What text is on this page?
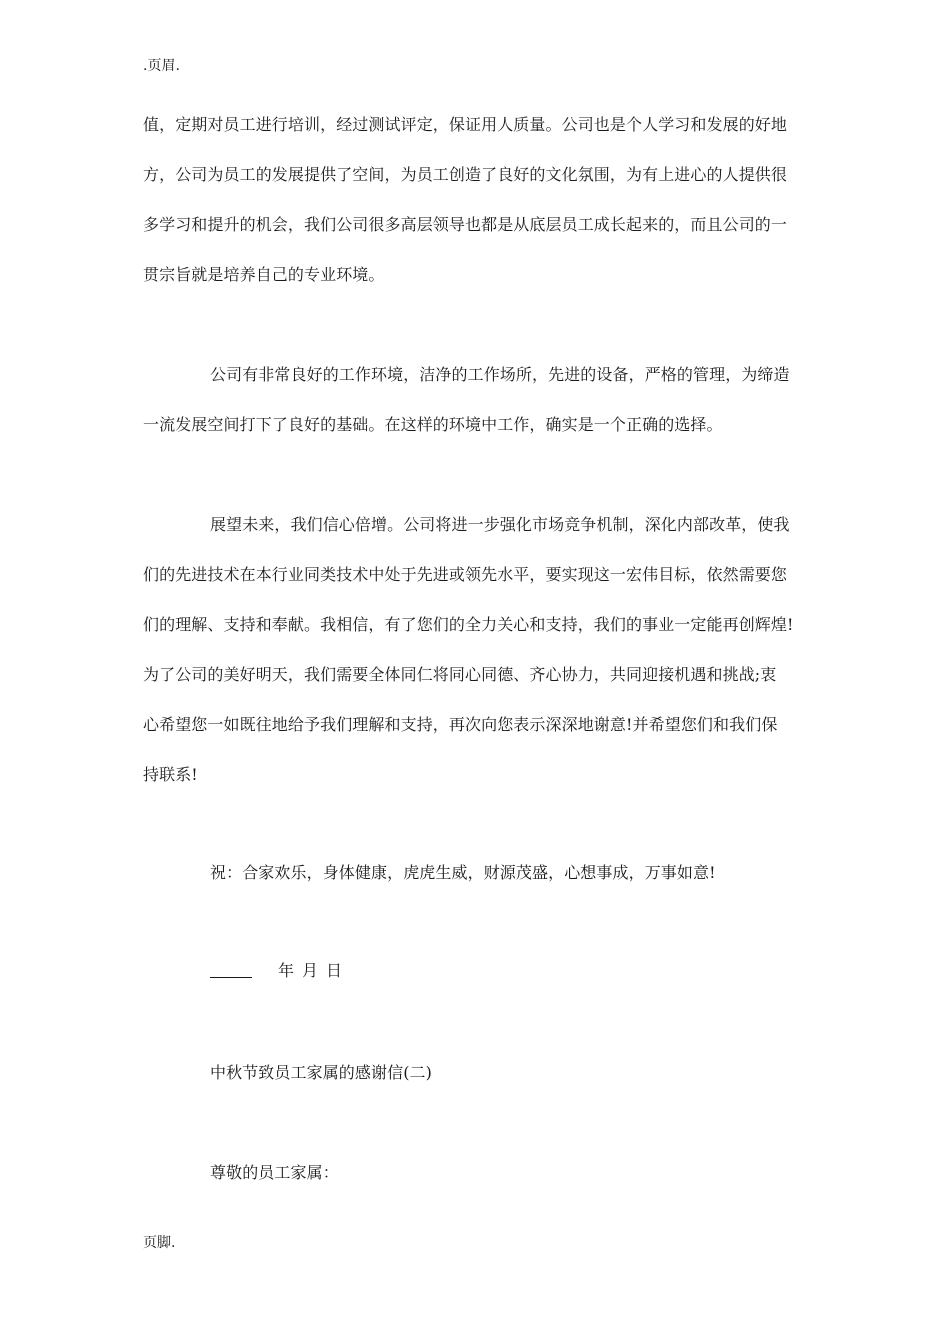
.页眉.
值，定期对员工进行培训，经过测试评定，保证用人质量。公司也是个人学习和发展的好地
方，公司为员工的发展提供了空间，为员工创造了良好的文化氛围，为有上进心的人提供很
多学习和提升的机会，我们公司很多高层领导也都是从底层员工成长起来的，而且公司的一
贯宗旨就是培养自己的专业环境。
公司有非常良好的工作环境，洁净的工作场所，先进的设备，严格的管理，为缔造
一流发展空间打下了良好的基础。在这样的环境中工作，确实是一个正确的选择。
展望未来，我们信心倍增。公司将进一步强化市场竞争机制，深化内部改革，使我
们的先进技术在本行业同类技术中处于先进或领先水平，要实现这一宏伟目标，依然需要您
们的理解、支持和奉献。我相信，有了您们的全力关心和支持，我们的事业一定能再创辉煌!
为了公司的美好明天，我们需要全体同仁将同心同德、齐心协力，共同迎接机遇和挑战;衷
心希望您一如既往地给予我们理解和支持，再次向您表示深深地谢意!并希望您们和我们保
持联系!
祝：合家欢乐，身体健康，虎虎生威，财源茂盛，心想事成，万事如意!
年 月 日
中秋节致员工家属的感谢信(二)
尊敬的员工家属：
页脚.
